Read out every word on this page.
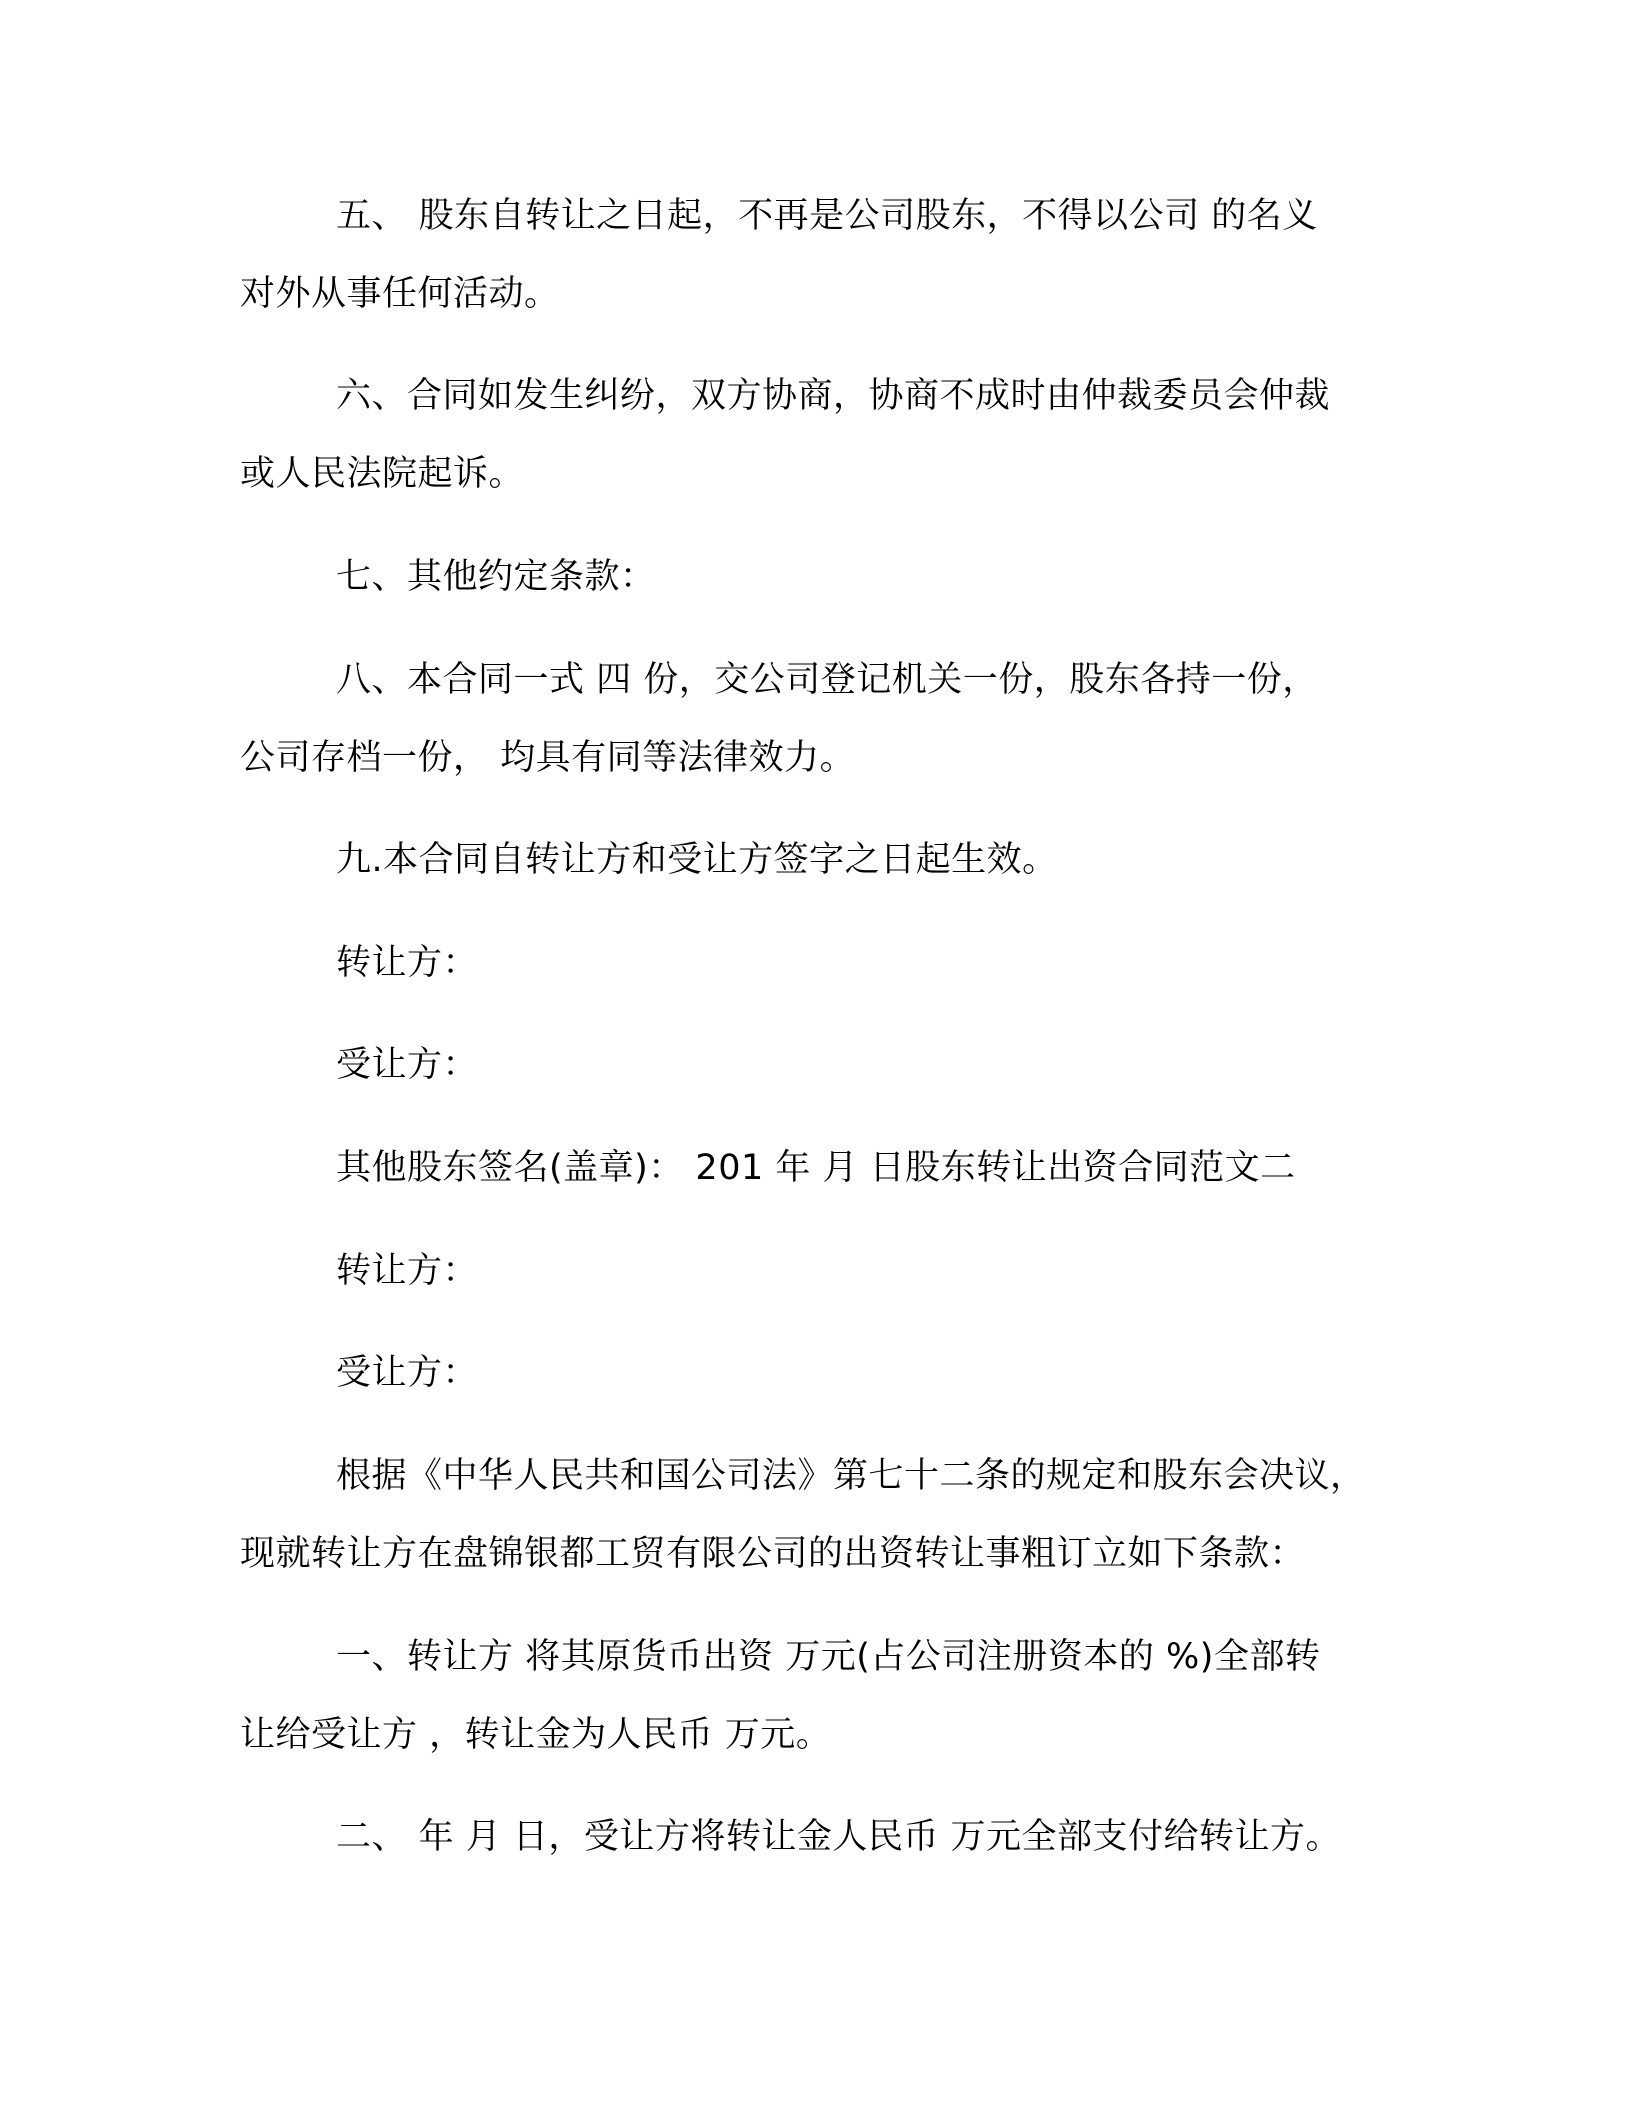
五、 股东自转让之日起，不再是公司股东，不得以公司 的名义
对外从事任何活动。
六、合同如发生纠纷，双方协商，协商不成时由仲裁委员会仲裁
或人民法院起诉。
七、其他约定条款：
八、本合同一式 四 份，交公司登记机关一份，股东各持一份，
公司存档一份， 均具有同等法律效力。
九.本合同自转让方和受让方签字之日起生效。
转让方：
受让方：
其他股东签名(盖章)： 201 年 月 日股东转让出资合同范文二
转让方：
受让方：
根据《中华人民共和国公司法》第七十二条的规定和股东会决议，
现就转让方在盘锦银都工贸有限公司的出资转让事粗订立如下条款：
一、转让方 将其原货币出资 万元(占公司注册资本的 %)全部转
让给受让方 ，转让金为人民币 万元。
二、 年 月 日，受让方将转让金人民币 万元全部支付给转让方。
